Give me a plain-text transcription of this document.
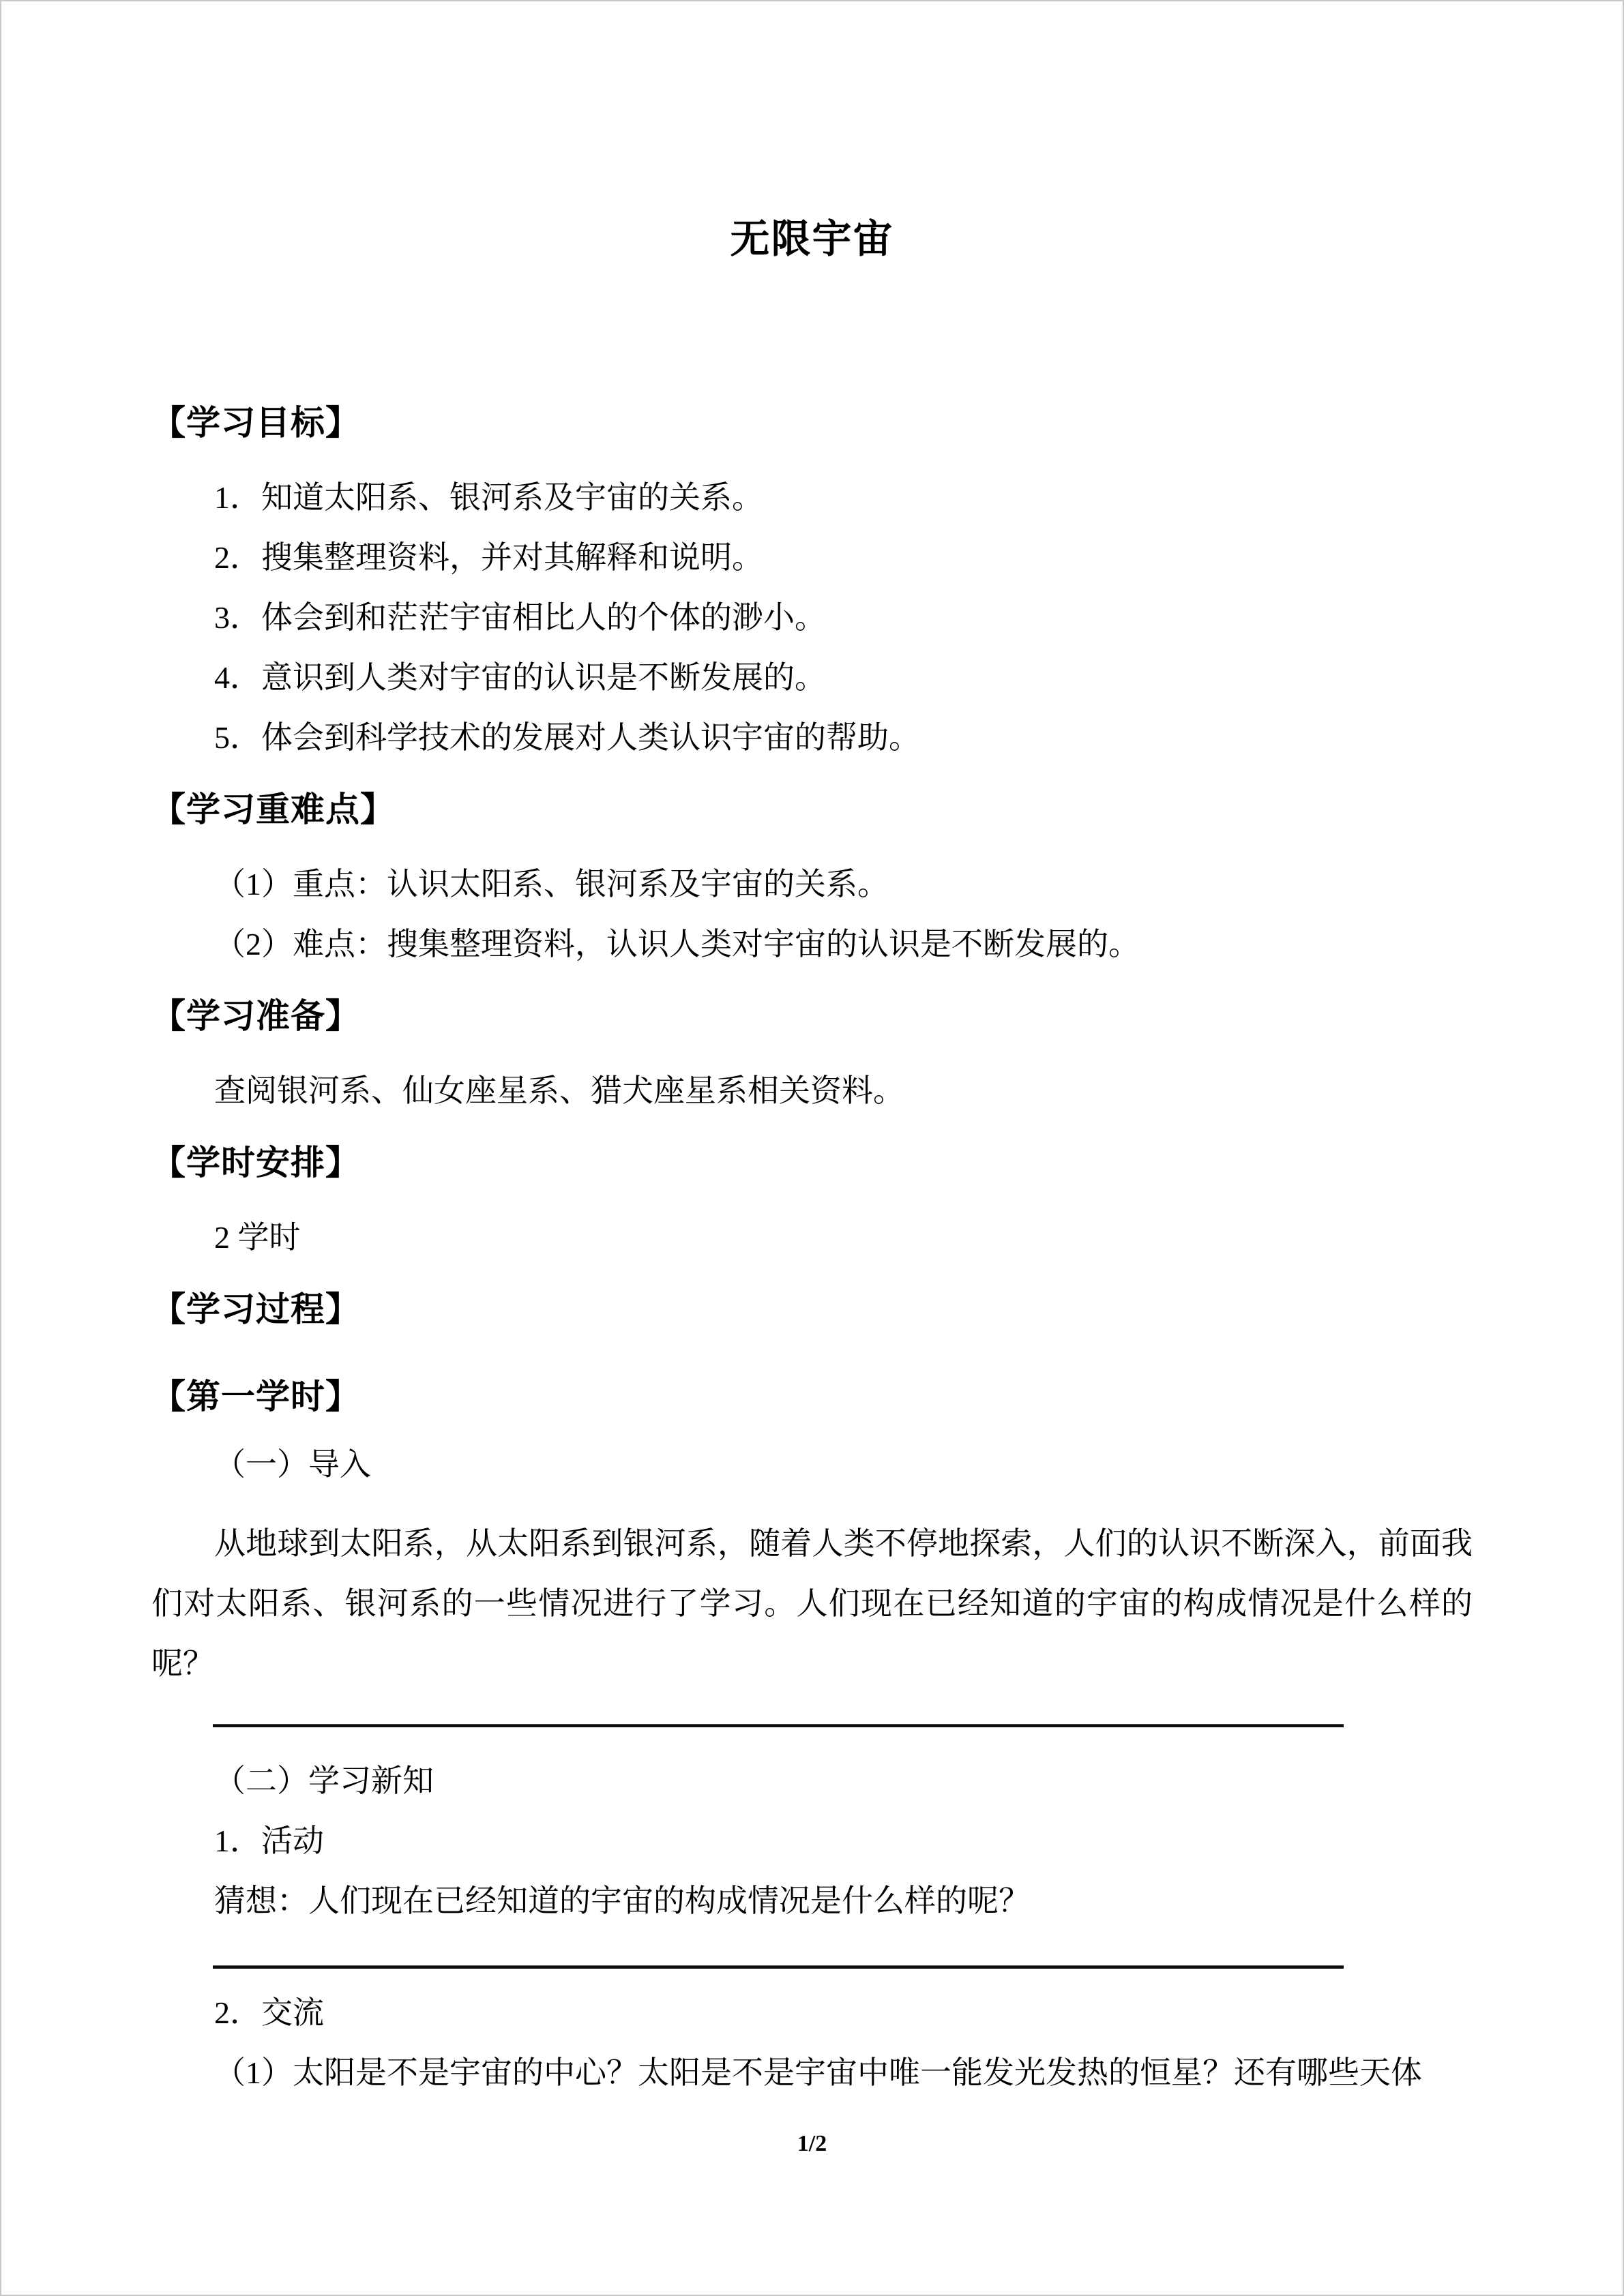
无限宇宙
【学习目标】

1．知道太阳系、银河系及宇宙的关系。

2．搜集整理资料，并对其解释和说明。

3．体会到和茫茫宇宙相比人的个体的渺小。

4．意识到人类对宇宙的认识是不断发展的。

5．体会到科学技术的发展对人类认识宇宙的帮助。

【学习重难点】

（1）重点：认识太阳系、银河系及宇宙的关系。

（2）难点：搜集整理资料，认识人类对宇宙的认识是不断发展的。

【学习准备】

查阅银河系、仙女座星系、猎犬座星系相关资料。

【学时安排】

2 学时

【学习过程】
【第一学时】

（一）导入

从地球到太阳系，从太阳系到银河系，随着人类不停地探索，人们的认识不断深入，前面我们对太阳系、银河系的一些情况进行了学习。人们现在已经知道的宇宙的构成情况是什么样的呢？

（二）学习新知

1．活动

猜想：人们现在已经知道的宇宙的构成情况是什么样的呢？

2．交流

（1）太阳是不是宇宙的中心？太阳是不是宇宙中唯一能发光发热的恒星？还有哪些天体

1/2
